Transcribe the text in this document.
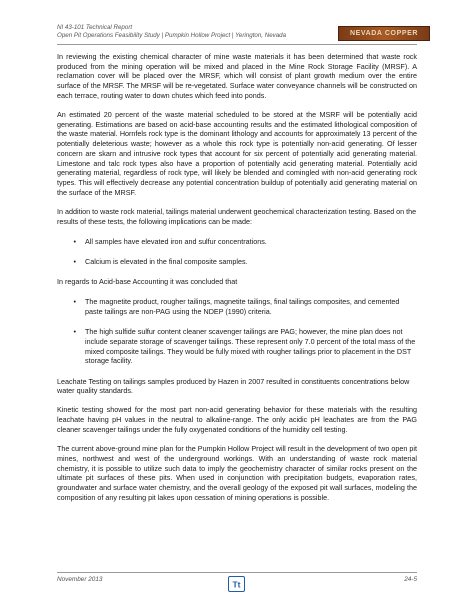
NI 43-101 Technical Report
Open Pit Operations Feasibility Study | Pumpkin Hollow Project | Yerington, Nevada	NEVADA COPPER

In reviewing the existing chemical character of mine waste materials it has been determined that waste rock produced from the mining operation will be mixed and placed in the Mine Rock Storage Facility (MRSF). A reclamation cover will be placed over the MRSF, which will consist of plant growth medium over the entire surface of the MRSF. The MRSF will be re-vegetated. Surface water conveyance channels will be constructed on each terrace, routing water to down chutes which feed into ponds.

An estimated 20 percent of the waste material scheduled to be stored at the MSRF will be potentially acid generating. Estimations are based on acid-base accounting results and the estimated lithological composition of the waste material. Hornfels rock type is the dominant lithology and accounts for approximately 13 percent of the potentially deleterious waste; however as a whole this rock type is potentially non-acid generating. Of lesser concern are skarn and intrusive rock types that account for six percent of potentially acid generating material. Limestone and talc rock types also have a proportion of potentially acid generating material. Potentially acid generating material, regardless of rock type, will likely be blended and comingled with non-acid generating rock types. This will effectively decrease any potential concentration buildup of potentially acid generating material on the surface of the MRSF.

In addition to waste rock material, tailings material underwent geochemical characterization testing. Based on the results of these tests, the following implications can be made:

•	All samples have elevated iron and sulfur concentrations.
•	Calcium is elevated in the final composite samples.

In regards to Acid-base Accounting it was concluded that

•	The magnetite product, rougher tailings, magnetite tailings, final tailings composites, and cemented paste tailings are non-PAG using the NDEP (1990) criteria.
•	The high sulfide sulfur content cleaner scavenger tailings are PAG; however, the mine plan does not include separate storage of scavenger tailings. These represent only 7.0 percent of the total mass of the mixed composite tailings. They would be fully mixed with rougher tailings prior to placement in the DST storage facility.

Leachate Testing on tailings samples produced by Hazen in 2007 resulted in constituents concentrations below water quality standards.

Kinetic testing showed for the most part non-acid generating behavior for these materials with the resulting leachate having pH values in the neutral to alkaline-range. The only acidic pH leachates are from the PAG cleaner scavenger tailings under the fully oxygenated conditions of the humidity cell testing.

The current above-ground mine plan for the Pumpkin Hollow Project will result in the development of two open pit mines, northwest and west of the underground workings. With an understanding of waste rock material chemistry, it is possible to utilize such data to imply the geochemistry character of similar rocks present on the ultimate pit surfaces of these pits. When used in conjunction with precipitation budgets, evaporation rates, groundwater and surface water chemistry, and the overall geology of the exposed pit wall surfaces, modeling the composition of any resulting pit lakes upon cessation of mining operations is possible.

November 2013	Tt	24-5
